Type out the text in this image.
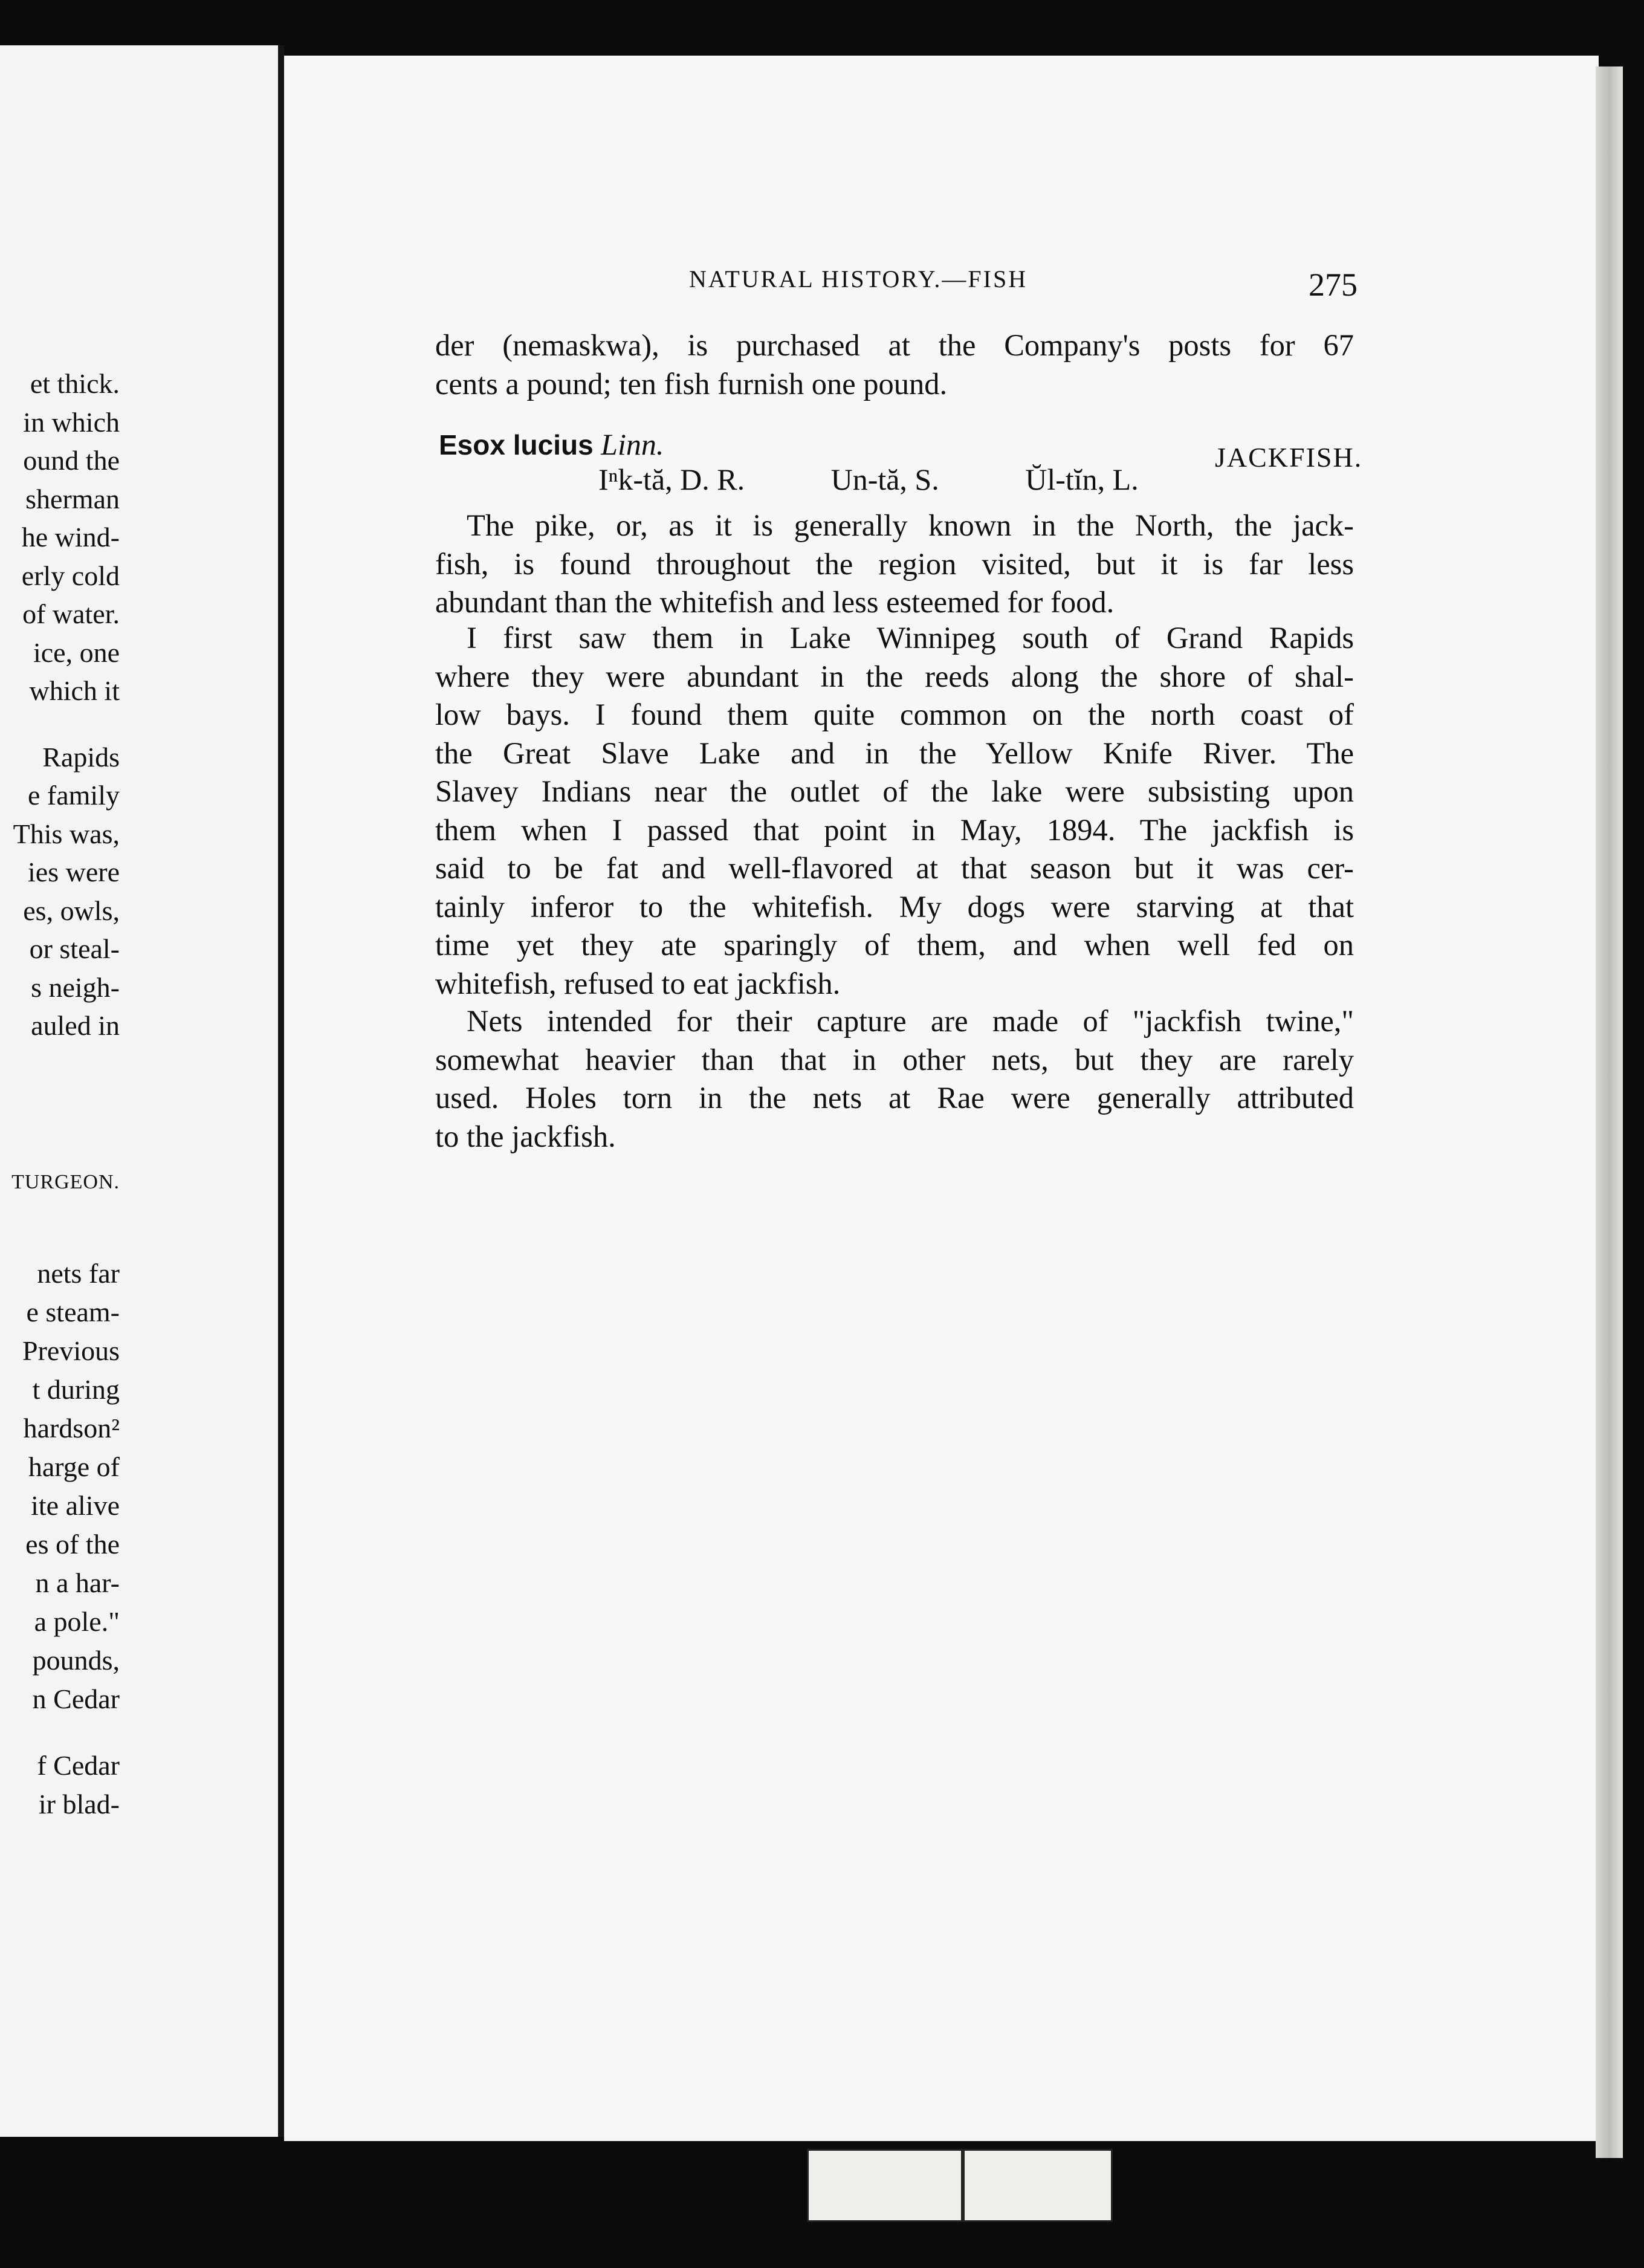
et thick.
in which
ound the
sherman
he wind-
erly cold
of water.
ice, one
which it
Rapids
e family
This was,
ies were
es, owls,
or steal-
s neigh-
auled in
TURGEON.
nets far
e steam-
Previous
t during
hardson²
harge of
ite alive
es of the
n a har-
a pole."
pounds,
n Cedar
f Cedar
ir blad-
NATURAL HISTORY.—FISH	275
der (nemaskwa), is purchased at the Company's posts for 67
cents a pound; ten fish furnish one pound.
Esox lucius Linn.	JACKFISH.
Iⁿk-tă, D. R.	Un-tă, S.	Ŭl-tĭn, L.
The pike, or, as it is generally known in the North, the jack-
fish, is found throughout the region visited, but it is far less
abundant than the whitefish and less esteemed for food.
I first saw them in Lake Winnipeg south of Grand Rapids
where they were abundant in the reeds along the shore of shal-
low bays. I found them quite common on the north coast of
the Great Slave Lake and in the Yellow Knife River. The
Slavey Indians near the outlet of the lake were subsisting upon
them when I passed that point in May, 1894. The jackfish is
said to be fat and well-flavored at that season but it was cer-
tainly inferor to the whitefish. My dogs were starving at that
time yet they ate sparingly of them, and when well fed on
whitefish, refused to eat jackfish.
Nets intended for their capture are made of "jackfish twine,"
somewhat heavier than that in other nets, but they are rarely
used. Holes torn in the nets at Rae were generally attributed
to the jackfish.
